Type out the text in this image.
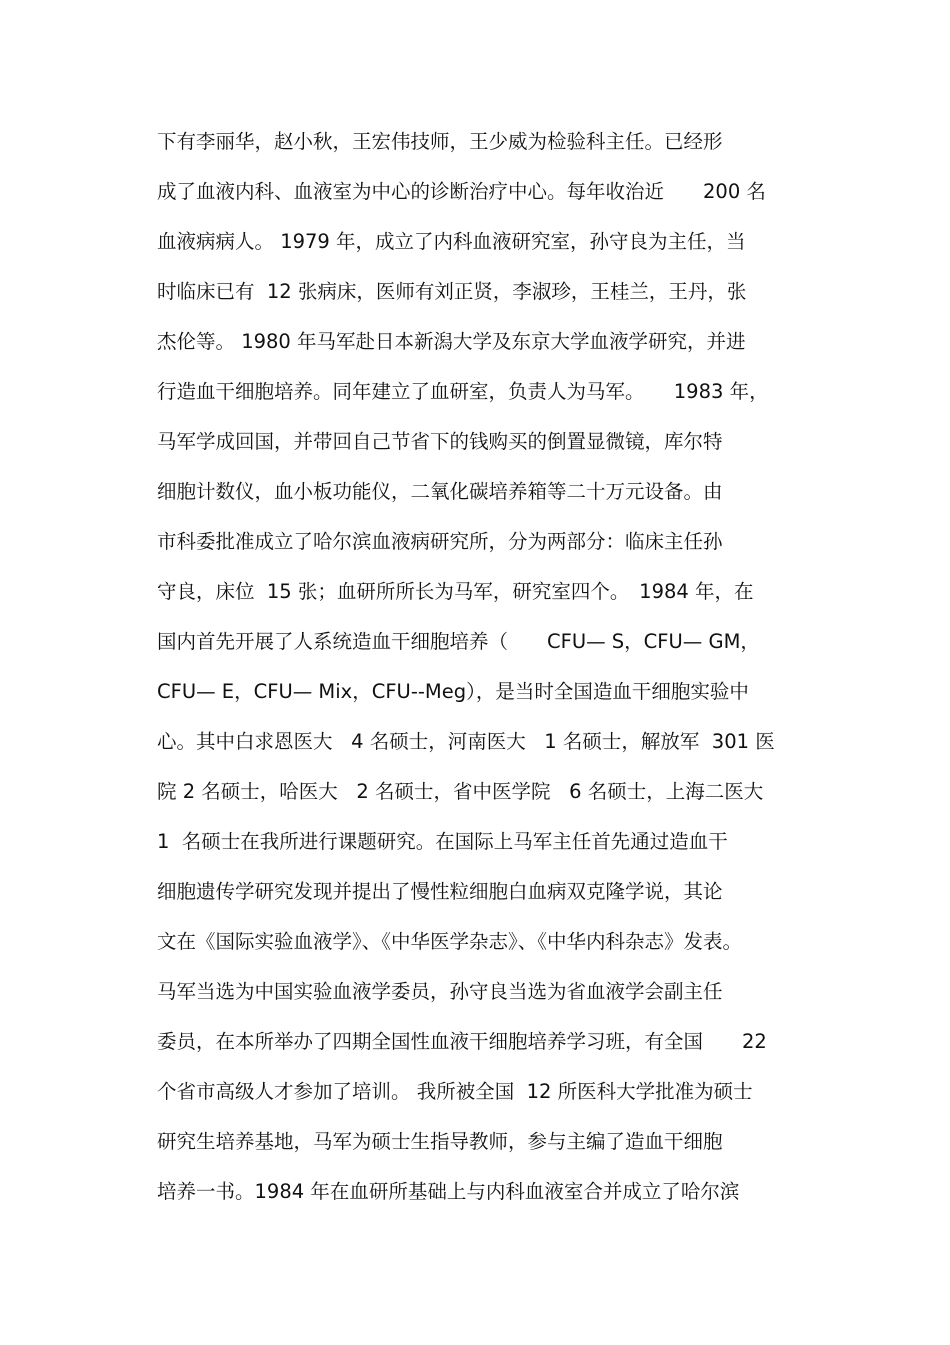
下有李丽华，赵小秋，王宏伟技师，王少威为检验科主任。已经形
成了血液内科、血液室为中心的诊断治疗中心。每年收治近　　200 名
血液病病人。 1979 年，成立了内科血液研究室，孙守良为主任，当
时临床已有  12 张病床，医师有刘正贤，李淑珍，王桂兰，王丹，张
杰伦等。 1980 年马军赴日本新潟大学及东京大学血液学研究，并进
行造血干细胞培养。同年建立了血研室，负责人为马军。　　1983 年，
马军学成回国，并带回自己节省下的钱购买的倒置显微镜，库尔特
细胞计数仪，血小板功能仪，二氧化碳培养箱等二十万元设备。由
市科委批准成立了哈尔滨血液病研究所，分为两部分：临床主任孙
守良，床位  15 张；血研所所长为马军，研究室四个。　1984 年，在
国内首先开展了人系统造血干细胞培养（　　CFU— S，CFU— GM，
CFU— E，CFU— Mix，CFU--Meg），是当时全国造血干细胞实验中
心。其中白求恩医大   4 名硕士，河南医大   1 名硕士，解放军  301 医
院 2 名硕士，哈医大   2 名硕士，省中医学院   6 名硕士，上海二医大
1  名硕士在我所进行课题研究。在国际上马军主任首先通过造血干
细胞遗传学研究发现并提出了慢性粒细胞白血病双克隆学说，其论
文在《国际实验血液学》、《中华医学杂志》、《中华内科杂志》发表。
马军当选为中国实验血液学委员，孙守良当选为省血液学会副主任
委员，在本所举办了四期全国性血液干细胞培养学习班，有全国　　22
个省市高级人才参加了培训。 我所被全国  12 所医科大学批准为硕士
研究生培养基地，马军为硕士生指导教师，参与主编了造血干细胞
培养一书。1984 年在血研所基础上与内科血液室合并成立了哈尔滨
